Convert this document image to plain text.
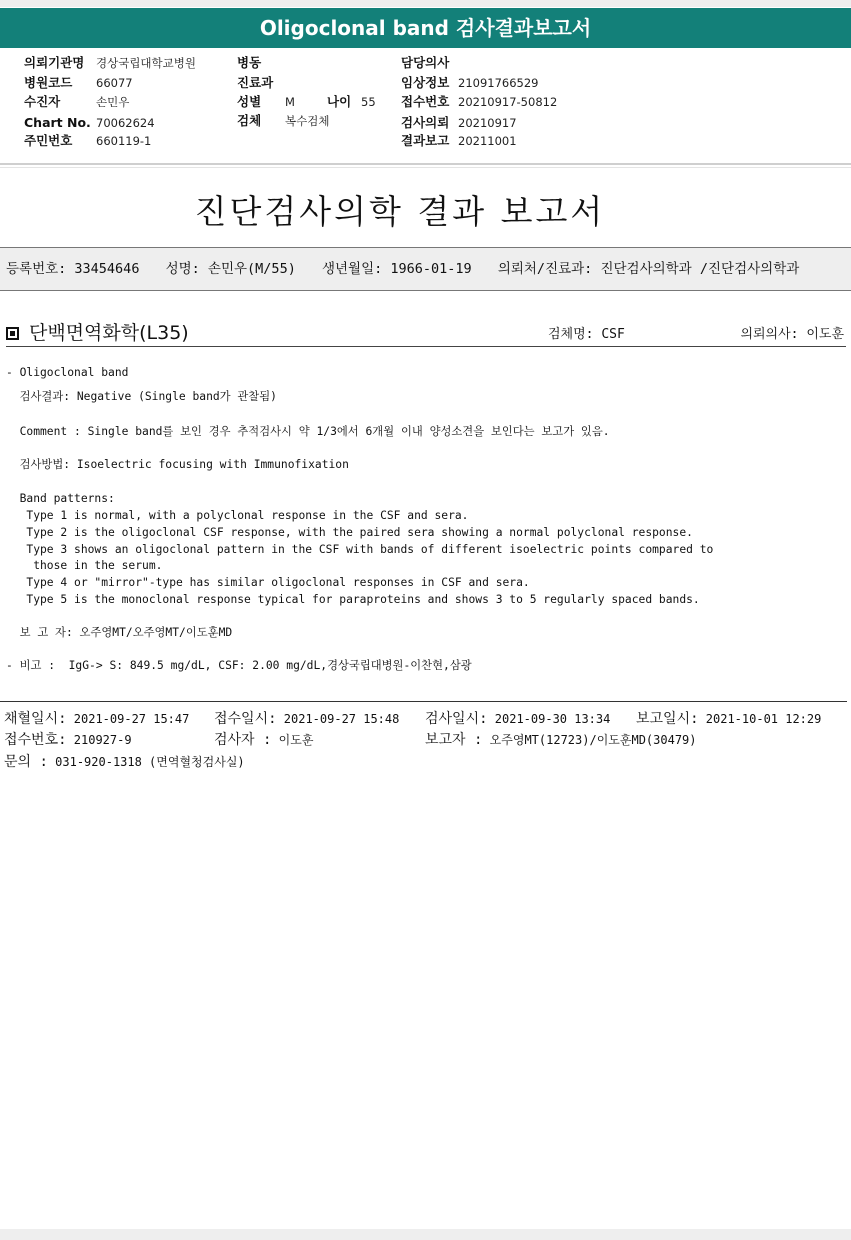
Oligoclonal band 검사결과보고서
의뢰기관명 경상국립대학교병원
병원코드 66077
수진자	손민우
Chart No. 70062624
주민번호 660119-1
병동
진료과
성별 M	나이 55
검체 복수검체
담당의사
임상정보 21091766529
접수번호 20210917-50812
검사의뢰 20210917
결과보고 20211001
진단검사의학 결과 보고서
등록번호: 33454646 성명: 손민우(M/55) 생년월일: 1966-01-19 의뢰처/진료과: 진단검사의학과 /진단검사의학과
단백면역화학(L35)	검체명: CSF	의뢰의사: 이도훈
- Oligoclonal band
검사결과: Negative (Single band가 관찰됨)
Comment : Single band를 보인 경우 추적검사시 약 1/3에서 6개월 이내 양성소견을 보인다는 보고가 있음.
검사방법: Isoelectric focusing with Immunofixation
Band patterns:
Type 1 is normal, with a polyclonal response in the CSF and sera.
Type 2 is the oligoclonal CSF response, with the paired sera showing a normal polyclonal response.
Type 3 shows an oligoclonal pattern in the CSF with bands of different isoelectric points compared to
those in the serum.
Type 4 or "mirror"-type has similar oligoclonal responses in CSF and sera.
Type 5 is the monoclonal response typical for paraproteins and shows 3 to 5 regularly spaced bands.
보 고 자: 오주영MT/오주영MT/이도훈MD
- 비고 :  IgG-> S: 849.5 mg/dL, CSF: 2.00 mg/dL,경상국립대병원-이찬현,삼광
채혈일시: 2021-09-27 15:47 접수일시: 2021-09-27 15:48 검사일시: 2021-09-30 13:34 보고일시: 2021-10-01 12:29
접수번호: 210927-9	검사자 : 이도훈	보고자 : 오주영MT(12723)/이도훈MD(30479)
문의 : 031-920-1318 (면역혈청검사실)
